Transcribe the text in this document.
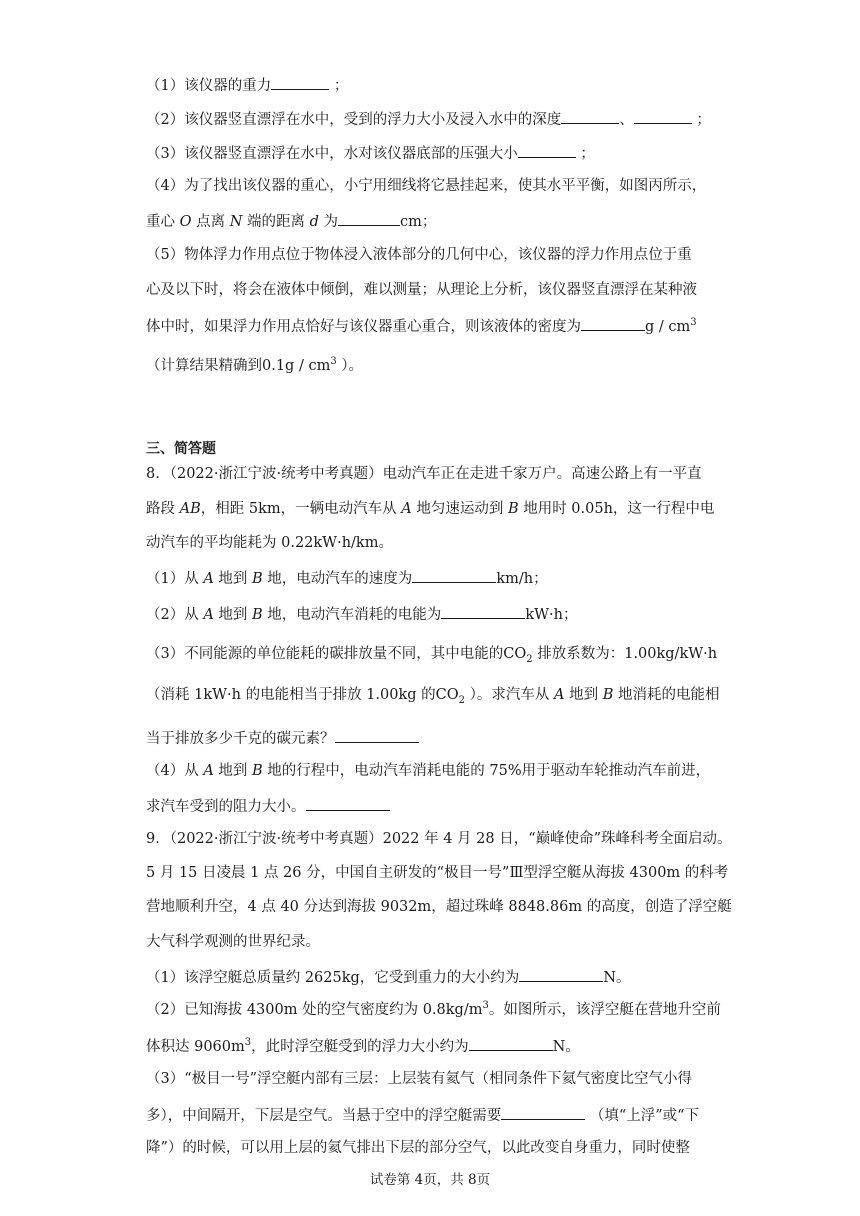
（1）该仪器的重力	；
（2）该仪器竖直漂浮在水中，受到的浮力大小及浸入水中的深度	、	；
（3）该仪器竖直漂浮在水中，水对该仪器底部的压强大小	；
（4）为了找出该仪器的重心，小宁用细线将它悬挂起来，使其水平平衡，如图丙所示，
重心 O 点离 N 端的距离 d 为	cm；
（5）物体浮力作用点位于物体浸入液体部分的几何中心，该仪器的浮力作用点位于重
心及以下时，将会在液体中倾倒，难以测量；从理论上分析，该仪器竖直漂浮在某种液
体中时，如果浮力作用点恰好与该仪器重心重合，则该液体的密度为	g / $cm^3$
（计算结果精确到$0.1g / cm^3$ ）。
三、简答题
8．（2022·浙江宁波·统考中考真题）电动汽车正在走进千家万户。高速公路上有一平直
路段 AB，相距 5km，一辆电动汽车从 A 地匀速运动到 B 地用时 0.05h，这一行程中电
动汽车的平均能耗为 0.22kW·h/km。
（1）从 A 地到 B 地，电动汽车的速度为	km/h；
（2）从 A 地到 B 地，电动汽车消耗的电能为	kW·h；
（3）不同能源的单位能耗的碳排放量不同，其中电能的$CO_2$ 排放系数为：1.00kg/kW·h
（消耗 1kW·h 的电能相当于排放 1.00kg 的$CO_2$ ）。求汽车从 A 地到 B 地消耗的电能相
当于排放多少千克的碳元素？
（4）从 A 地到 B 地的行程中，电动汽车消耗电能的 75%用于驱动车轮推动汽车前进，
求汽车受到的阻力大小。
9．（2022·浙江宁波·统考中考真题）2022 年 4 月 28 日，“巅峰使命”珠峰科考全面启动。
5 月 15 日凌晨 1 点 26 分，中国自主研发的“极目一号”Ⅲ型浮空艇从海拔 4300m 的科考
营地顺利升空，4 点 40 分达到海拔 9032m，超过珠峰 8848.86m 的高度，创造了浮空艇
大气科学观测的世界纪录。
（1）该浮空艇总质量约 2625kg，它受到重力的大小约为	N。
（2）已知海拔 4300m 处的空气密度约为 $0.8kg/m^3$。如图所示，该浮空艇在营地升空前
体积达 $9060m^3$，此时浮空艇受到的浮力大小约为	N。
（3）“极目一号”浮空艇内部有三层：上层装有氦气（相同条件下氦气密度比空气小得
多），中间隔开，下层是空气。当悬于空中的浮空艇需要	（填“上浮”或“下
降”）的时候，可以用上层的氦气排出下层的部分空气，以此改变自身重力，同时使整
试卷第 4页，共 8页
